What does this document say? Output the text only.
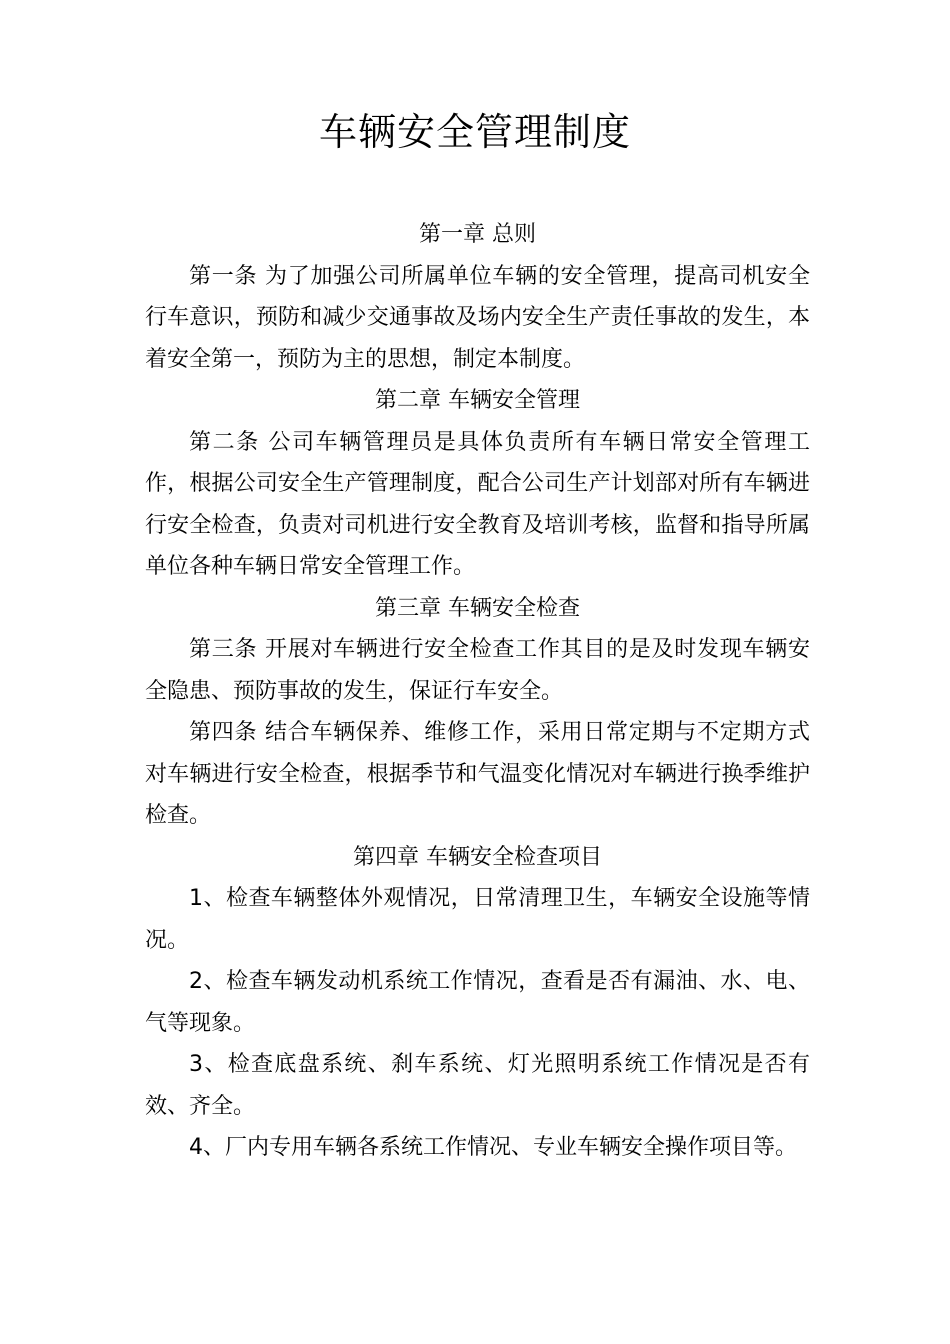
车辆安全管理制度
第一章 总则

第一条 为了加强公司所属单位车辆的安全管理，提高司机安全行车意识，预防和减少交通事故及场内安全生产责任事故的发生，本着安全第一，预防为主的思想，制定本制度。

第二章 车辆安全管理

第二条 公司车辆管理员是具体负责所有车辆日常安全管理工作，根据公司安全生产管理制度，配合公司生产计划部对所有车辆进行安全检查，负责对司机进行安全教育及培训考核，监督和指导所属单位各种车辆日常安全管理工作。

第三章 车辆安全检查

第三条 开展对车辆进行安全检查工作其目的是及时发现车辆安全隐患、预防事故的发生，保证行车安全。

第四条 结合车辆保养、维修工作，采用日常定期与不定期方式对车辆进行安全检查，根据季节和气温变化情况对车辆进行换季维护检查。

第四章 车辆安全检查项目

1、检查车辆整体外观情况，日常清理卫生，车辆安全设施等情况。

2、检查车辆发动机系统工作情况，查看是否有漏油、水、电、气等现象。

3、检查底盘系统、刹车系统、灯光照明系统工作情况是否有效、齐全。

4、厂内专用车辆各系统工作情况、专业车辆安全操作项目等。
